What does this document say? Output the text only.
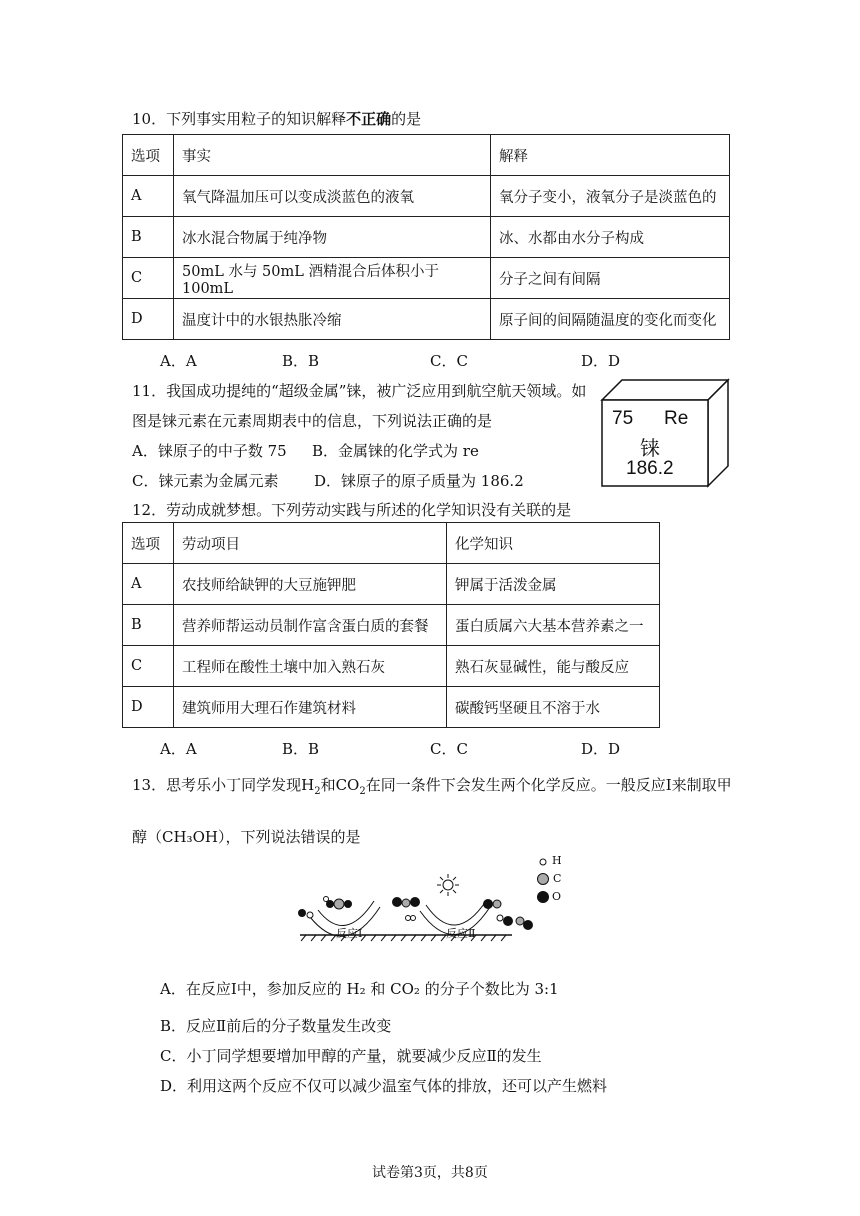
10．下列事实用粒子的知识解释不正确的是
选项	事实	解释
A	氧气降温加压可以变成淡蓝色的液氧	氧分子变小，液氧分子是淡蓝色的
B	冰水混合物属于纯净物	冰、水都由水分子构成
C	50mL 水与 50mL 酒精混合后体积小于 100mL	分子之间有间隔
D	温度计中的水银热胀冷缩	原子间的间隔随温度的变化而变化
A．A	B．B	C．C	D．D
11．我国成功提纯的“超级金属”铼，被广泛应用到航空航天领域。如
图是铼元素在元素周期表中的信息，下列说法正确的是
A．铼原子的中子数 75 B．金属铼的化学式为 re
C．铼元素为金属元素 D．铼原子的原子质量为 186.2
75 Re
铼
186.2
12．劳动成就梦想。下列劳动实践与所述的化学知识没有关联的是
选项	劳动项目	化学知识
A	农技师给缺钾的大豆施钾肥	钾属于活泼金属
B	营养师帮运动员制作富含蛋白质的套餐	蛋白质属六大基本营养素之一
C	工程师在酸性土壤中加入熟石灰	熟石灰显碱性，能与酸反应
D	建筑师用大理石作建筑材料	碳酸钙坚硬且不溶于水
A．A	B．B	C．C	D．D
13．思考乐小丁同学发现$H_2$和$CO_2$在同一条件下会发生两个化学反应。一般反应Ⅰ来制取甲
醇（CH₃OH），下列说法错误的是
H
C
O
反应Ⅰ	反应Ⅱ
A．在反应Ⅰ中，参加反应的 H₂ 和 CO₂ 的分子个数比为 3:1
B．反应Ⅱ前后的分子数量发生改变
C．小丁同学想要增加甲醇的产量，就要减少反应Ⅱ的发生
D．利用这两个反应不仅可以减少温室气体的排放，还可以产生燃料
试卷第3页，共8页
